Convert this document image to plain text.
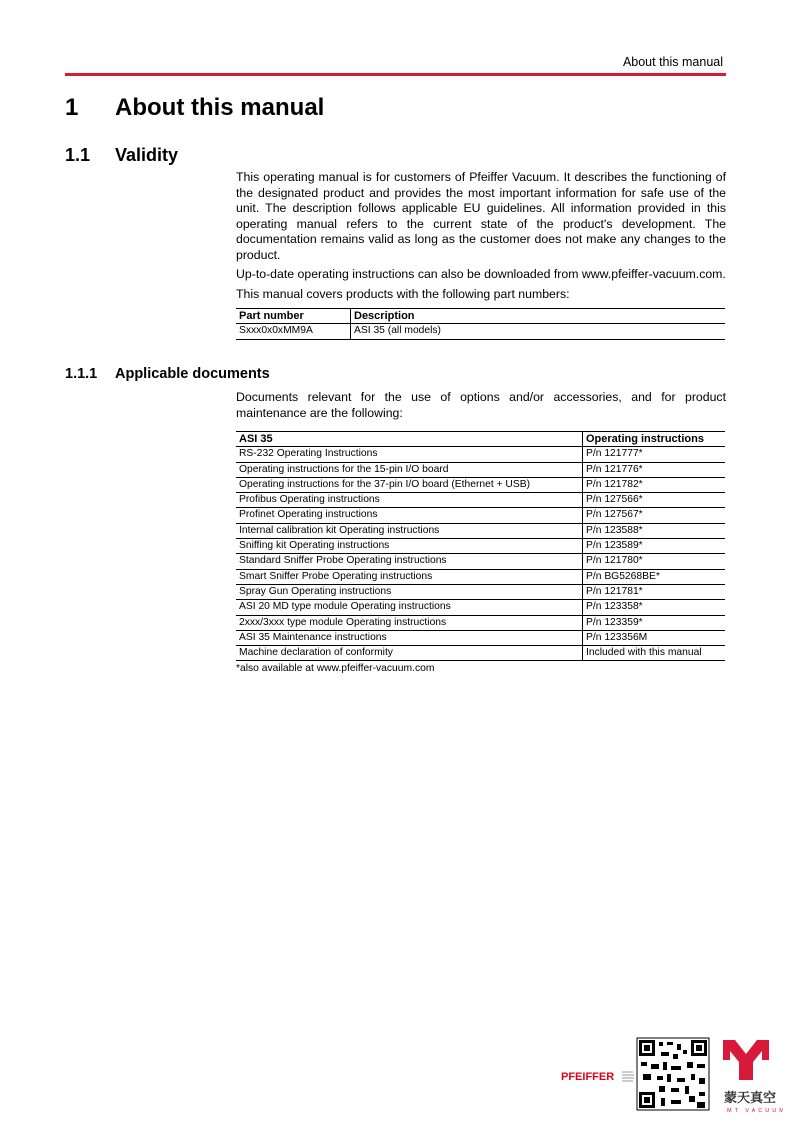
About this manual
1 About this manual
1.1 Validity

This operating manual is for customers of Pfeiffer Vacuum. It describes the functioning of the designated product and provides the most important information for safe use of the unit. The description follows applicable EU guidelines. All information provided in this operating manual refers to the current state of the product's development. The documentation remains valid as long as the customer does not make any changes to the product.

Up-to-date operating instructions can also be downloaded from www.pfeiffer-vacuum.com.

This manual covers products with the following part numbers:

Part number	Description
Sxxx0x0xMM9A	ASI 35 (all models)
1.1.1 Applicable documents

Documents relevant for the use of options and/or accessories, and for product maintenance are the following:

ASI 35	Operating instructions
RS-232 Operating Instructions	P/n 121777*
Operating instructions for the 15-pin I/O board	P/n 121776*
Operating instructions for the 37-pin I/O board (Ethernet + USB)	P/n 121782*
Profibus Operating instructions	P/n 127566*
Profinet Operating instructions	P/n 127567*
Internal calibration kit Operating instructions	P/n 123588*
Sniffing kit Operating instructions	P/n 123589*
Standard Sniffer Probe Operating instructions	P/n 121780*
Smart Sniffer Probe Operating instructions	P/n BG5268BE*
Spray Gun Operating instructions	P/n 121781*
ASI 20 MD type module Operating instructions	P/n 123358*
2xxx/3xxx type module Operating instructions	P/n 123359*
ASI 35 Maintenance instructions	P/n 123356M
Machine declaration of conformity	Included with this manual
*also available at www.pfeiffer-vacuum.com
PFEIFFER
蒙天真空
MT VACUUM
